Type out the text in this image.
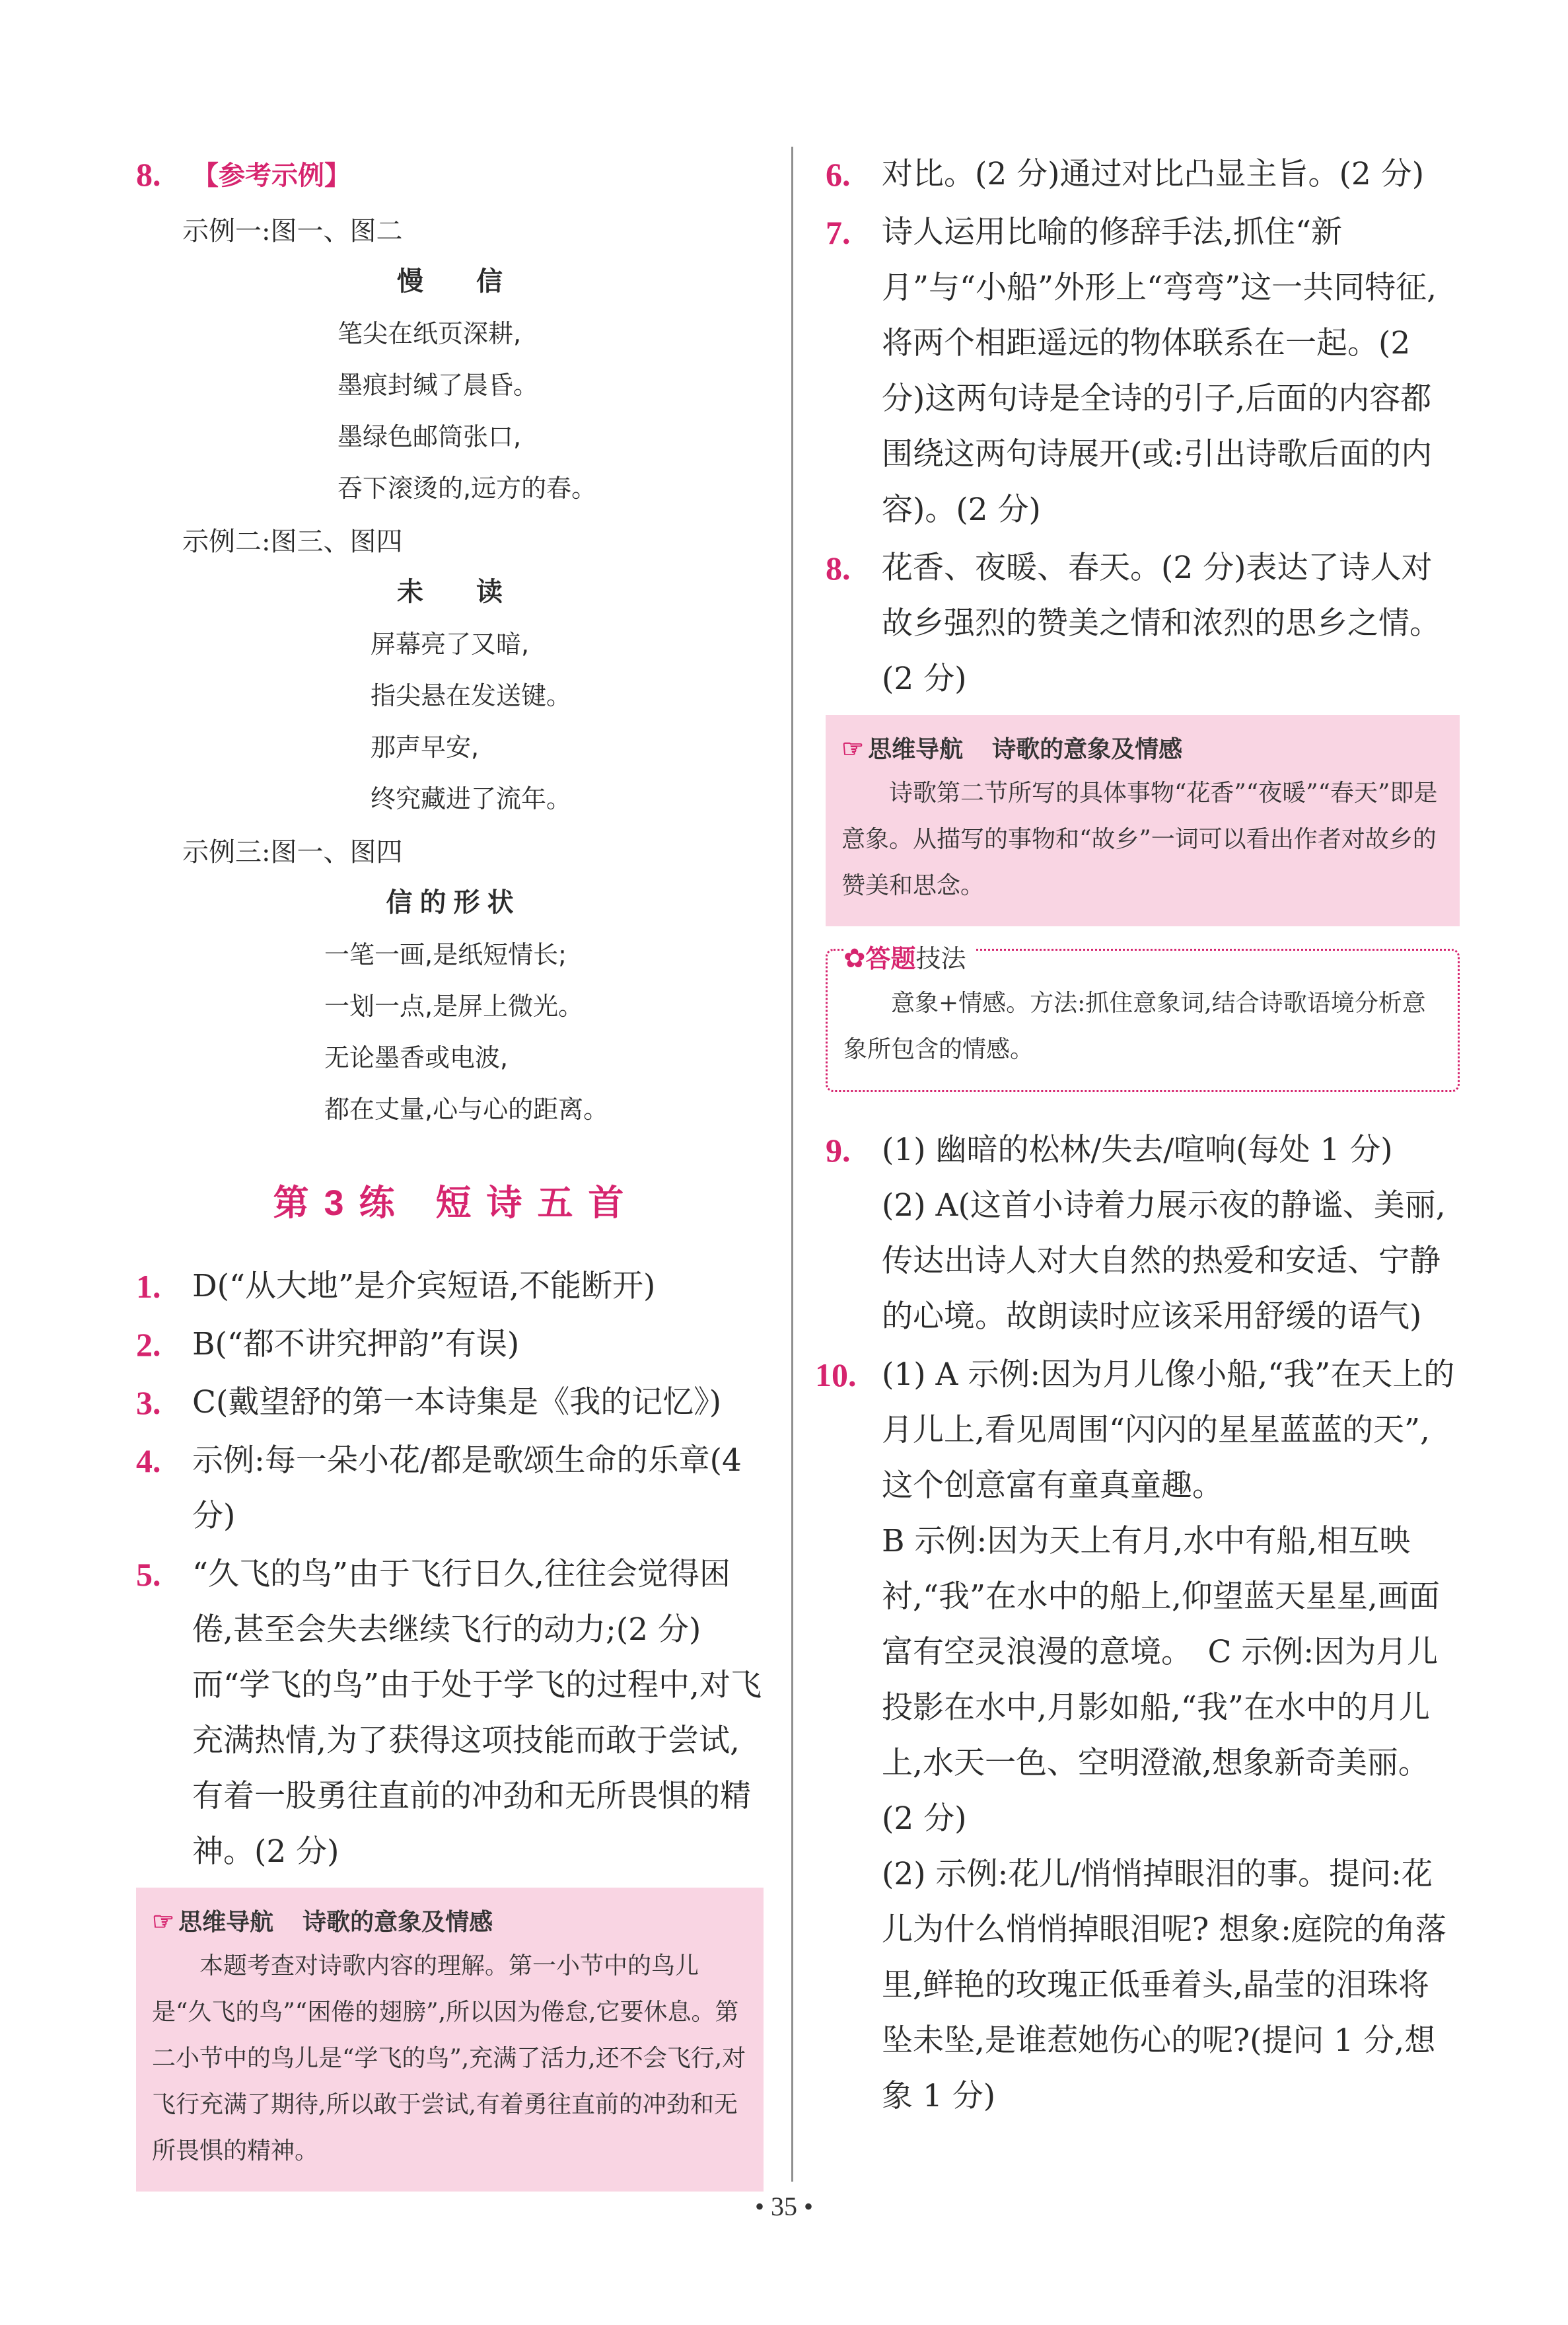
8. 【参考示例】
示例一:图一、图二
慢　　信
笔尖在纸页深耕,
墨痕封缄了晨昏。
墨绿色邮筒张口,
吞下滚烫的,远方的春。
示例二:图三、图四
未　　读
屏幕亮了又暗,
指尖悬在发送键。
那声早安,
终究藏进了流年。
示例三:图一、图四
信 的 形 状
一笔一画,是纸短情长;
一划一点,是屏上微光。
无论墨香或电波,
都在丈量,心与心的距离。
第 3 练　短 诗 五 首
1. D(“从大地”是介宾短语,不能断开)
2. B(“都不讲究押韵”有误)
3. C(戴望舒的第一本诗集是《我的记忆》)
4. 示例:每一朵小花/都是歌颂生命的乐章(4 分)
5. “久飞的鸟”由于飞行日久,往往会觉得困倦,甚至会失去继续飞行的动力;(2 分)而“学飞的鸟”由于处于学飞的过程中,对飞充满热情,为了获得这项技能而敢于尝试,有着一股勇往直前的冲劲和无所畏惧的精神。(2 分)
☞ 思维导航 诗歌的意象及情感
本题考查对诗歌内容的理解。第一小节中的鸟儿是“久飞的鸟”“困倦的翅膀”,所以因为倦怠,它要休息。第二小节中的鸟儿是“学飞的鸟”,充满了活力,还不会飞行,对飞行充满了期待,所以敢于尝试,有着勇往直前的冲劲和无所畏惧的精神。
6. 对比。(2 分)通过对比凸显主旨。(2 分)
7. 诗人运用比喻的修辞手法,抓住“新月”与“小船”外形上“弯弯”这一共同特征,将两个相距遥远的物体联系在一起。(2 分)这两句诗是全诗的引子,后面的内容都围绕这两句诗展开(或:引出诗歌后面的内容)。(2 分)
8. 花香、夜暖、春天。(2 分)表达了诗人对故乡强烈的赞美之情和浓烈的思乡之情。(2 分)
☞ 思维导航 诗歌的意象及情感
诗歌第二节所写的具体事物“花香”“夜暖”“春天”即是意象。从描写的事物和“故乡”一词可以看出作者对故乡的赞美和思念。
✿答题技法
意象+情感。方法:抓住意象词,结合诗歌语境分析意象所包含的情感。
9. (1) 幽暗的松林/失去/喧响(每处 1 分)
(2) A(这首小诗着力展示夜的静谧、美丽,传达出诗人对大自然的热爱和安适、宁静的心境。故朗读时应该采用舒缓的语气)
10. (1) A 示例:因为月儿像小船,“我”在天上的月儿上,看见周围“闪闪的星星蓝蓝的天”,这个创意富有童真童趣。
B 示例:因为天上有月,水中有船,相互映衬,“我”在水中的船上,仰望蓝天星星,画面富有空灵浪漫的意境。　C 示例:因为月儿投影在水中,月影如船,“我”在水中的月儿上,水天一色、空明澄澈,想象新奇美丽。(2 分)
(2) 示例:花儿/悄悄掉眼泪的事。提问:花儿为什么悄悄掉眼泪呢? 想象:庭院的角落里,鲜艳的玫瑰正低垂着头,晶莹的泪珠将坠未坠,是谁惹她伤心的呢?(提问 1 分,想象 1 分)
• 35 •
